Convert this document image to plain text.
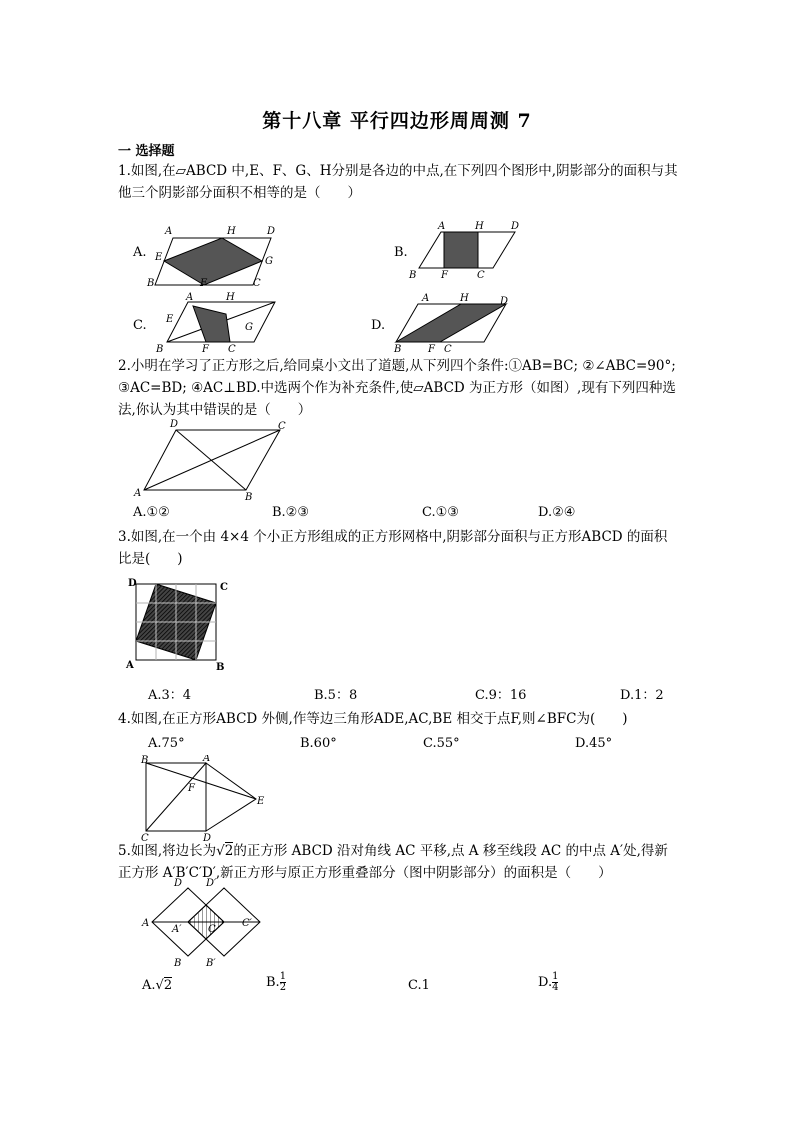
第十八章 平行四边形周周测 7
一 选择题
1.如图,在▱ABCD 中,E、F、G、H分别是各边的中点,在下列四个图形中,阴影部分的面积与其他三个阴影部分面积不相等的是（　　）
A.	B.
C.	D.
A	H	D
E	G
B	F	C
A	H	D
B F	C
A	H
E
G
B	F C
A	H	D
B	F C
2.小明在学习了正方形之后,给同桌小文出了道题,从下列四个条件:①AB=BC; ②∠ABC=90°; ③AC=BD; ④AC⊥BD.中选两个作为补充条件,使▱ABCD 为正方形（如图）,现有下列四种选法,你认为其中错误的是（　　）
D	C
A	B
A.①②	B.②③	C.①③	D.②④
3.如图,在一个由 4×4 个小正方形组成的正方形网格中,阴影部分面积与正方形ABCD 的面积比是(　　)
D	C
A	B
A.3：4	B.5：8	C.9：16	D.1：2
4.如图,在正方形ABCD 外侧,作等边三角形ADE,AC,BE 相交于点F,则∠BFC为(　　)
A.75°	B.60°	C.55°	D.45°
B	A
F
E
C	D
5.如图,将边长为√2的正方形 ABCD 沿对角线 AC 平移,点 A 移至线段 AC 的中点 A′处,得新正方形 A′B′C′D′,新正方形与原正方形重叠部分（图中阴影部分）的面积是（　　）
D D′
A	C′
A′	C
B B′
A.√2	B. $\frac{1}{2}$	C.1	D. $\frac{1}{4}$
